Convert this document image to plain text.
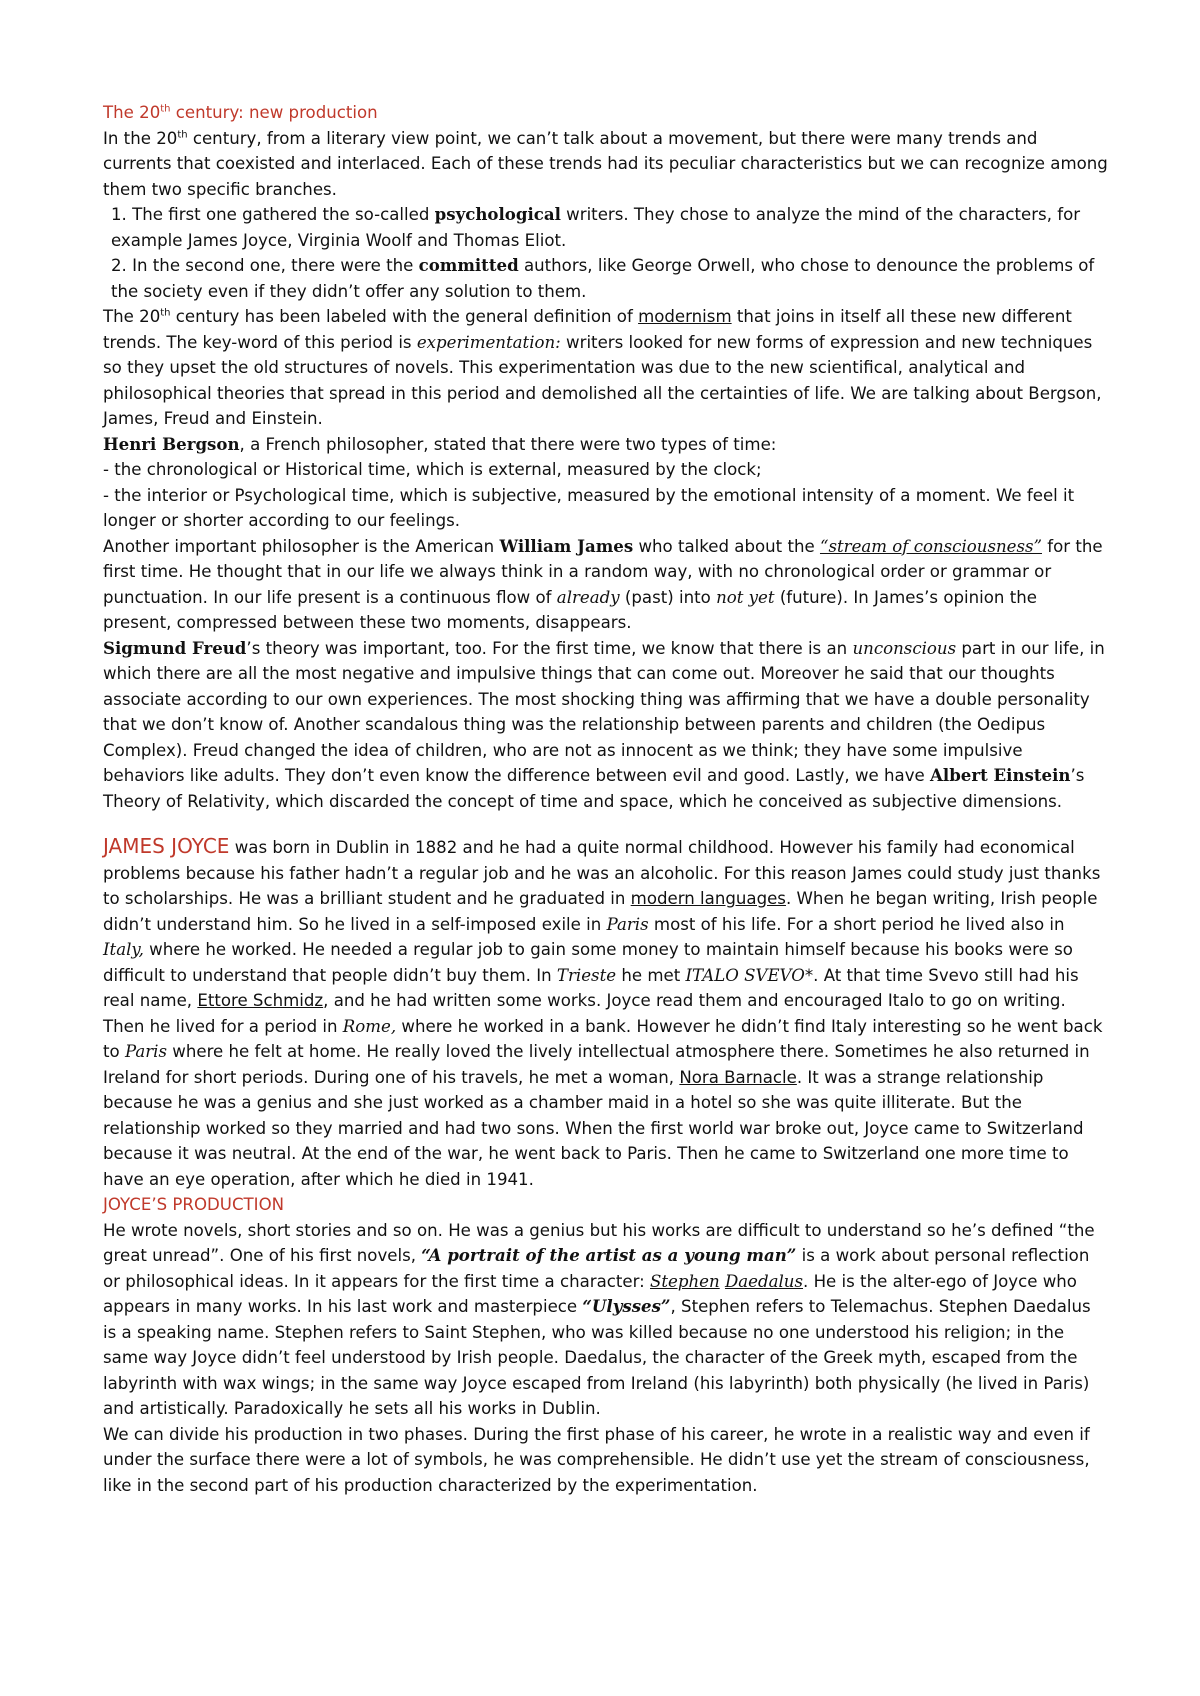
The 20th century: new production

In the 20th century, from a literary view point, we can’t talk about a movement, but there were many trends and currents that coexisted and interlaced. Each of these trends had its peculiar characteristics but we can recognize among them two specific branches.

1. The first one gathered the so-called psychological writers. They chose to analyze the mind of the characters, for example James Joyce, Virginia Woolf and Thomas Eliot.

2. In the second one, there were the committed authors, like George Orwell, who chose to denounce the problems of the society even if they didn’t offer any solution to them.

The 20th century has been labeled with the general definition of modernism that joins in itself all these new different trends. The key-word of this period is experimentation: writers looked for new forms of expression and new techniques so they upset the old structures of novels. This experimentation was due to the new scientifical, analytical and philosophical theories that spread in this period and demolished all the certainties of life. We are talking about Bergson, James, Freud and Einstein.

Henri Bergson, a French philosopher, stated that there were two types of time:

- the chronological or Historical time, which is external, measured by the clock;

- the interior or Psychological time, which is subjective, measured by the emotional intensity of a moment. We feel it longer or shorter according to our feelings.

Another important philosopher is the American William James who talked about the “stream of consciousness” for the first time. He thought that in our life we always think in a random way, with no chronological order or grammar or punctuation. In our life present is a continuous flow of already (past) into not yet (future). In James’s opinion the present, compressed between these two moments, disappears.

Sigmund Freud’s theory was important, too. For the first time, we know that there is an unconscious part in our life, in which there are all the most negative and impulsive things that can come out. Moreover he said that our thoughts associate according to our own experiences. The most shocking thing was affirming that we have a double personality that we don’t know of. Another scandalous thing was the relationship between parents and children (the Oedipus Complex). Freud changed the idea of children, who are not as innocent as we think; they have some impulsive behaviors like adults. They don’t even know the difference between evil and good. Lastly, we have Albert Einstein’s Theory of Relativity, which discarded the concept of time and space, which he conceived as subjective dimensions.

JAMES JOYCE was born in Dublin in 1882 and he had a quite normal childhood. However his family had economical problems because his father hadn’t a regular job and he was an alcoholic. For this reason James could study just thanks to scholarships. He was a brilliant student and he graduated in modern languages. When he began writing, Irish people didn’t understand him. So he lived in a self-imposed exile in Paris most of his life. For a short period he lived also in Italy, where he worked. He needed a regular job to gain some money to maintain himself because his books were so difficult to understand that people didn’t buy them. In Trieste he met ITALO SVEVO*. At that time Svevo still had his real name, Ettore Schmidz, and he had written some works. Joyce read them and encouraged Italo to go on writing. Then he lived for a period in Rome, where he worked in a bank. However he didn’t find Italy interesting so he went back to Paris where he felt at home. He really loved the lively intellectual atmosphere there. Sometimes he also returned in Ireland for short periods. During one of his travels, he met a woman, Nora Barnacle. It was a strange relationship because he was a genius and she just worked as a chamber maid in a hotel so she was quite illiterate. But the relationship worked so they married and had two sons. When the first world war broke out, Joyce came to Switzerland because it was neutral. At the end of the war, he went back to Paris. Then he came to Switzerland one more time to have an eye operation, after which he died in 1941.

JOYCE’S PRODUCTION

He wrote novels, short stories and so on. He was a genius but his works are difficult to understand so he’s defined “the great unread”. One of his first novels, “A portrait of the artist as a young man” is a work about personal reflection or philosophical ideas. In it appears for the first time a character: Stephen Daedalus. He is the alter-ego of Joyce who appears in many works. In his last work and masterpiece “Ulysses”, Stephen refers to Telemachus. Stephen Daedalus is a speaking name. Stephen refers to Saint Stephen, who was killed because no one understood his religion; in the same way Joyce didn’t feel understood by Irish people. Daedalus, the character of the Greek myth, escaped from the labyrinth with wax wings; in the same way Joyce escaped from Ireland (his labyrinth) both physically (he lived in Paris) and artistically. Paradoxically he sets all his works in Dublin.

We can divide his production in two phases. During the first phase of his career, he wrote in a realistic way and even if under the surface there were a lot of symbols, he was comprehensible. He didn’t use yet the stream of consciousness, like in the second part of his production characterized by the experimentation.
